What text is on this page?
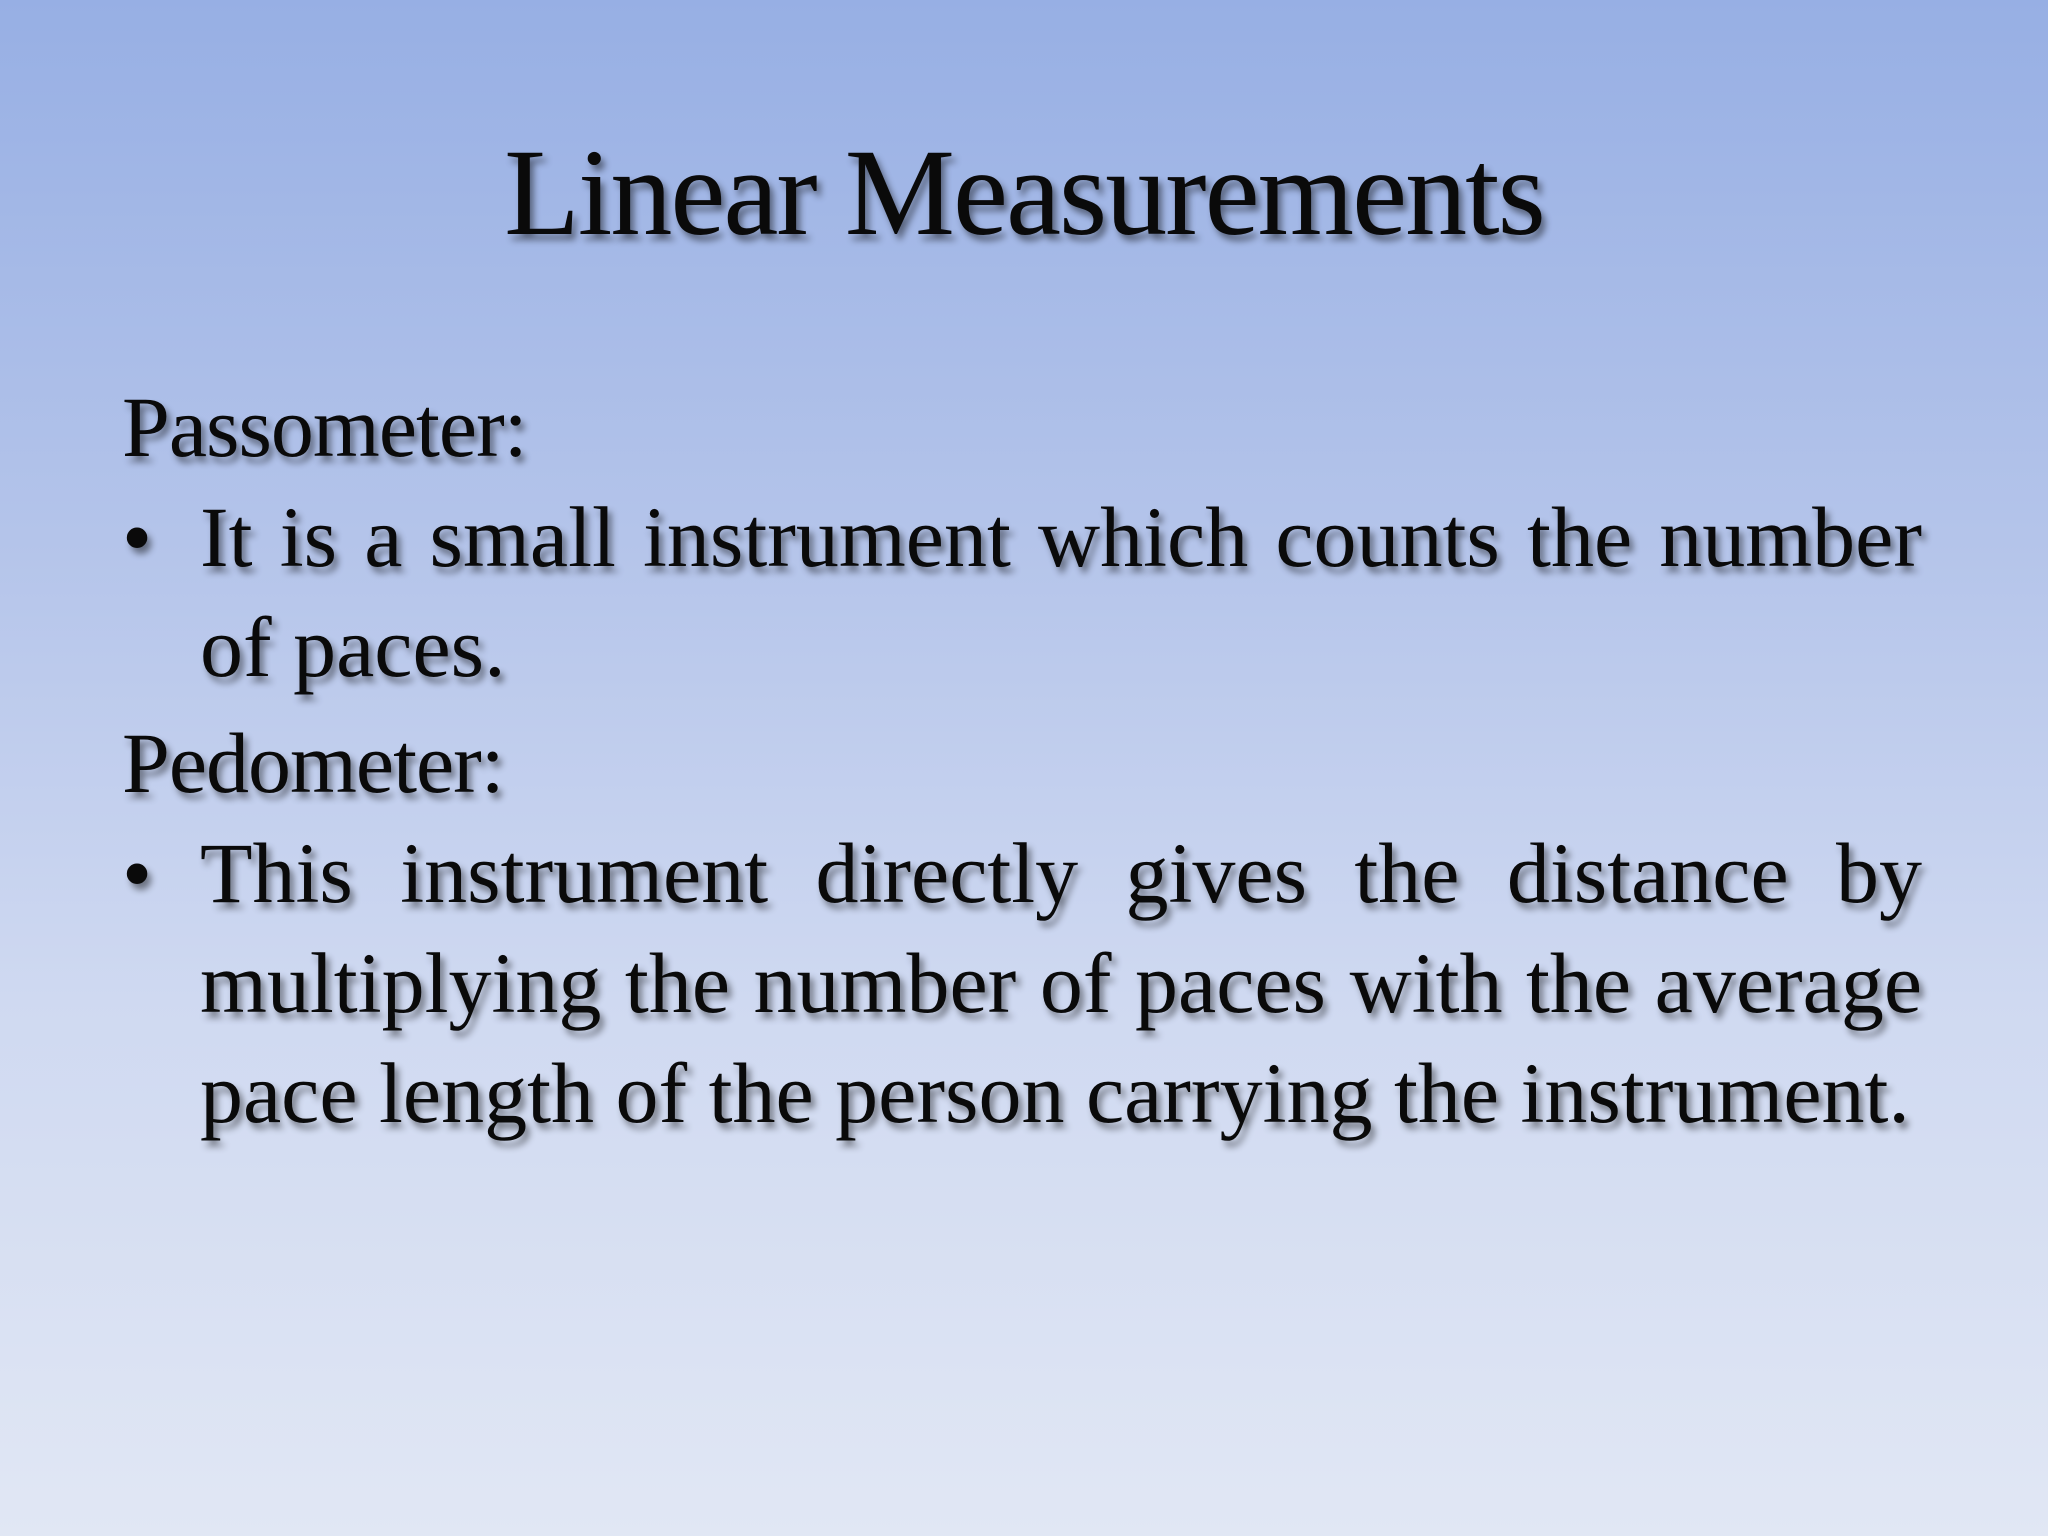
Linear Measurements

Passometer:

• It is a small instrument which counts the number of paces.

Pedometer:

• This instrument directly gives the distance by multiplying the number of paces with the average pace length of the person carrying the instrument.
